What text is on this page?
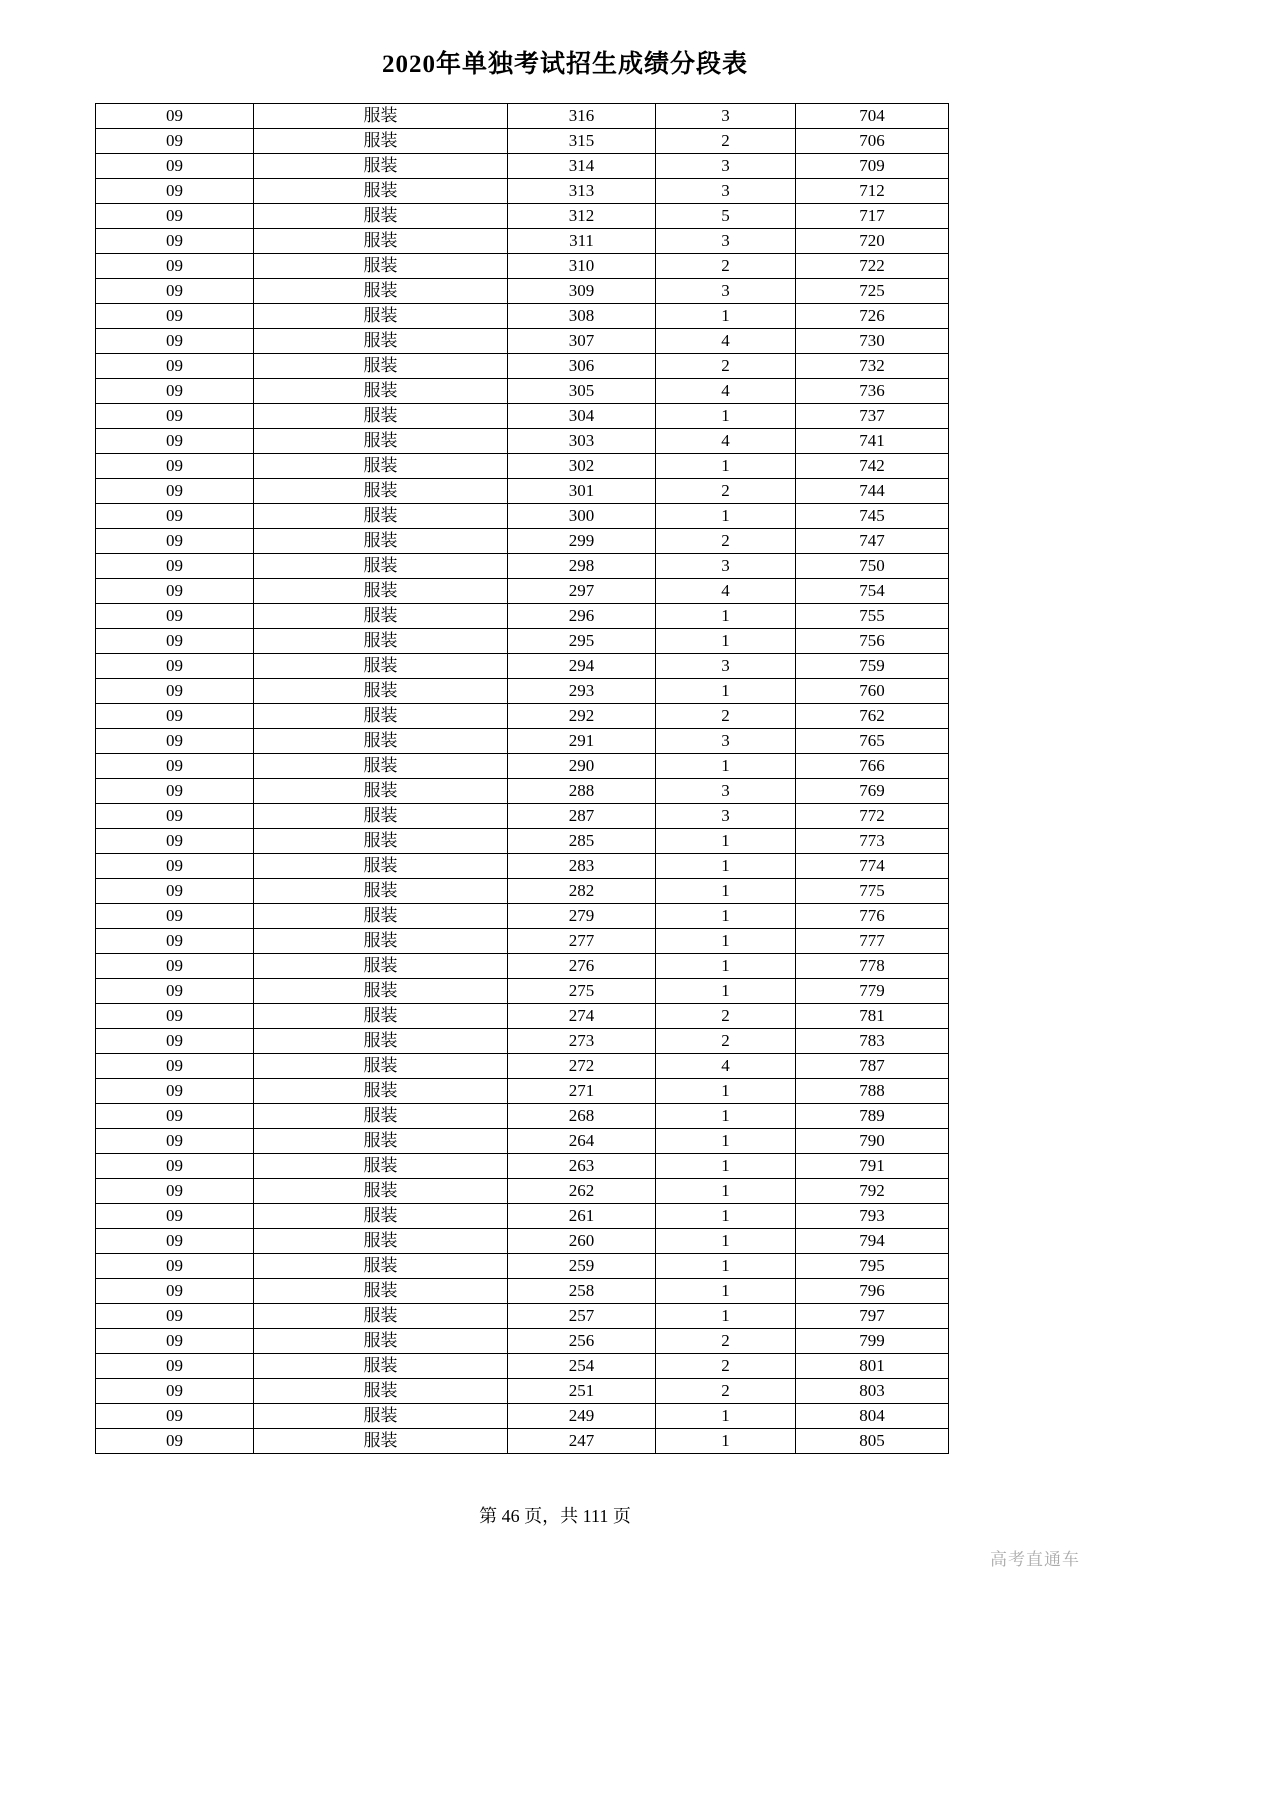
2020年单独考试招生成绩分段表
09	服装	316	3	704
09	服装	315	2	706
09	服装	314	3	709
09	服装	313	3	712
09	服装	312	5	717
09	服装	311	3	720
09	服装	310	2	722
09	服装	309	3	725
09	服装	308	1	726
09	服装	307	4	730
09	服装	306	2	732
09	服装	305	4	736
09	服装	304	1	737
09	服装	303	4	741
09	服装	302	1	742
09	服装	301	2	744
09	服装	300	1	745
09	服装	299	2	747
09	服装	298	3	750
09	服装	297	4	754
09	服装	296	1	755
09	服装	295	1	756
09	服装	294	3	759
09	服装	293	1	760
09	服装	292	2	762
09	服装	291	3	765
09	服装	290	1	766
09	服装	288	3	769
09	服装	287	3	772
09	服装	285	1	773
09	服装	283	1	774
09	服装	282	1	775
09	服装	279	1	776
09	服装	277	1	777
09	服装	276	1	778
09	服装	275	1	779
09	服装	274	2	781
09	服装	273	2	783
09	服装	272	4	787
09	服装	271	1	788
09	服装	268	1	789
09	服装	264	1	790
09	服装	263	1	791
09	服装	262	1	792
09	服装	261	1	793
09	服装	260	1	794
09	服装	259	1	795
09	服装	258	1	796
09	服装	257	1	797
09	服装	256	2	799
09	服装	254	2	801
09	服装	251	2	803
09	服装	249	1	804
09	服装	247	1	805
第 46 页，共 111 页
高考直通车
